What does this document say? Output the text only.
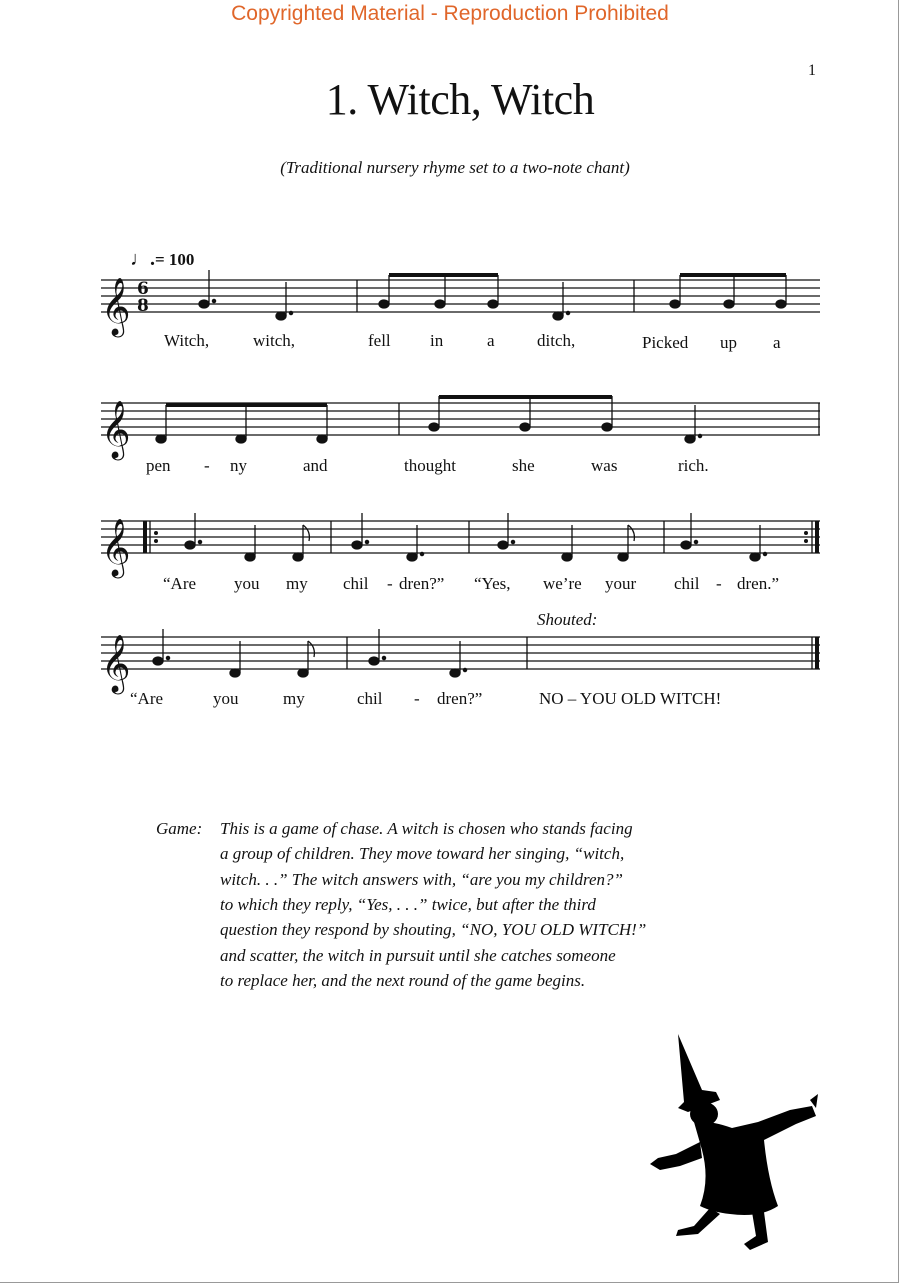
Copyrighted Material - Reproduction Prohibited
1
1. Witch, Witch
(Traditional nursery rhyme set to a two-note chant)
♩.= 100
𝄞
𝄞
𝄞
𝄞
6
8
Witch,	witch,	fell in	a ditch,	Picked up a
pen - ny	and	thought	she	was	rich.
“Are you my chil - dren?” “Yes, we’re your chil - dren.”
Shouted:
“Are	you	my	chil - dren?”	NO – YOU OLD WITCH!
Game: This is a game of chase. A witch is chosen who stands facing
a group of children. They move toward her singing, “witch,
witch. . .” The witch answers with, “are you my children?”
to which they reply, “Yes, . . .” twice, but after the third
question they respond by shouting, “NO, YOU OLD WITCH!”
and scatter, the witch in pursuit until she catches someone
to replace her, and the next round of the game begins.
